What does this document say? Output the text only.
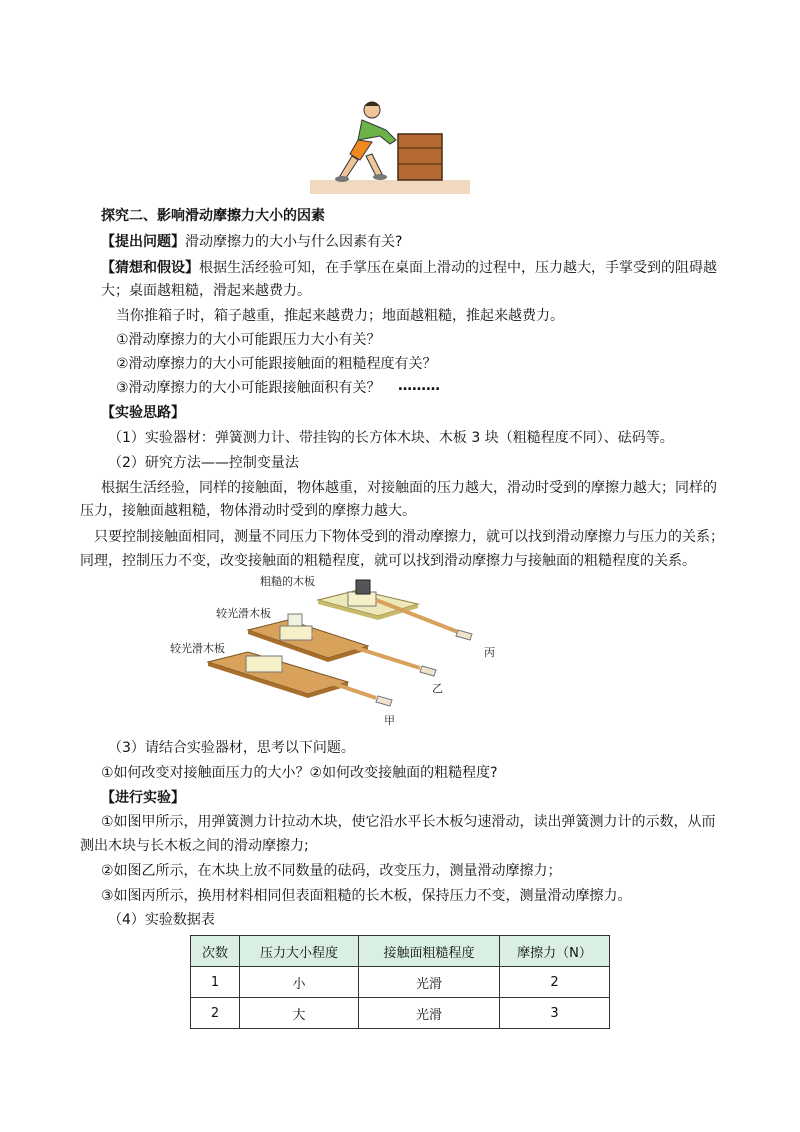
探究二、影响滑动摩擦力大小的因素
【提出问题】滑动摩擦力的大小与什么因素有关?
【猜想和假设】根据生活经验可知，在手掌压在桌面上滑动的过程中，压力越大，手掌受到的阻碍越
大；桌面越粗糙，滑起来越费力。
当你推箱子时，箱子越重，推起来越费力；地面越粗糙，推起来越费力。
①滑动摩擦力的大小可能跟压力大小有关？
②滑动摩擦力的大小可能跟接触面的粗糙程度有关？
③滑动摩擦力的大小可能跟接触面积有关？ ………
【实验思路】
（1）实验器材：弹簧测力计、带挂钩的长方体木块、木板 3 块（粗糙程度不同）、砝码等。
（2）研究方法——控制变量法
根据生活经验，同样的接触面，物体越重，对接触面的压力越大，滑动时受到的摩擦力越大；同样的
压力，接触面越粗糙，物体滑动时受到的摩擦力越大。
只要控制接触面相同，测量不同压力下物体受到的滑动摩擦力，就可以找到滑动摩擦力与压力的关系；
同理，控制压力不变，改变接触面的粗糙程度，就可以找到滑动摩擦力与接触面的粗糙程度的关系。
粗糙的木板
较光滑木板
较光滑木板	丙
乙
甲
（3）请结合实验器材，思考以下问题。
①如何改变对接触面压力的大小？②如何改变接触面的粗糙程度?
【进行实验】
①如图甲所示，用弹簧测力计拉动木块，使它沿水平长木板匀速滑动，读出弹簧测力计的示数，从而
测出木块与长木板之间的滑动摩擦力;
②如图乙所示，在木块上放不同数量的砝码，改变压力，测量滑动摩擦力；
③如图丙所示，换用材料相同但表面粗糙的长木板，保持压力不变，测量滑动摩擦力。
（4）实验数据表
次数	压力大小程度	接触面粗糙程度	摩擦力（N）
1	小	光滑	2
2	大	光滑	3
